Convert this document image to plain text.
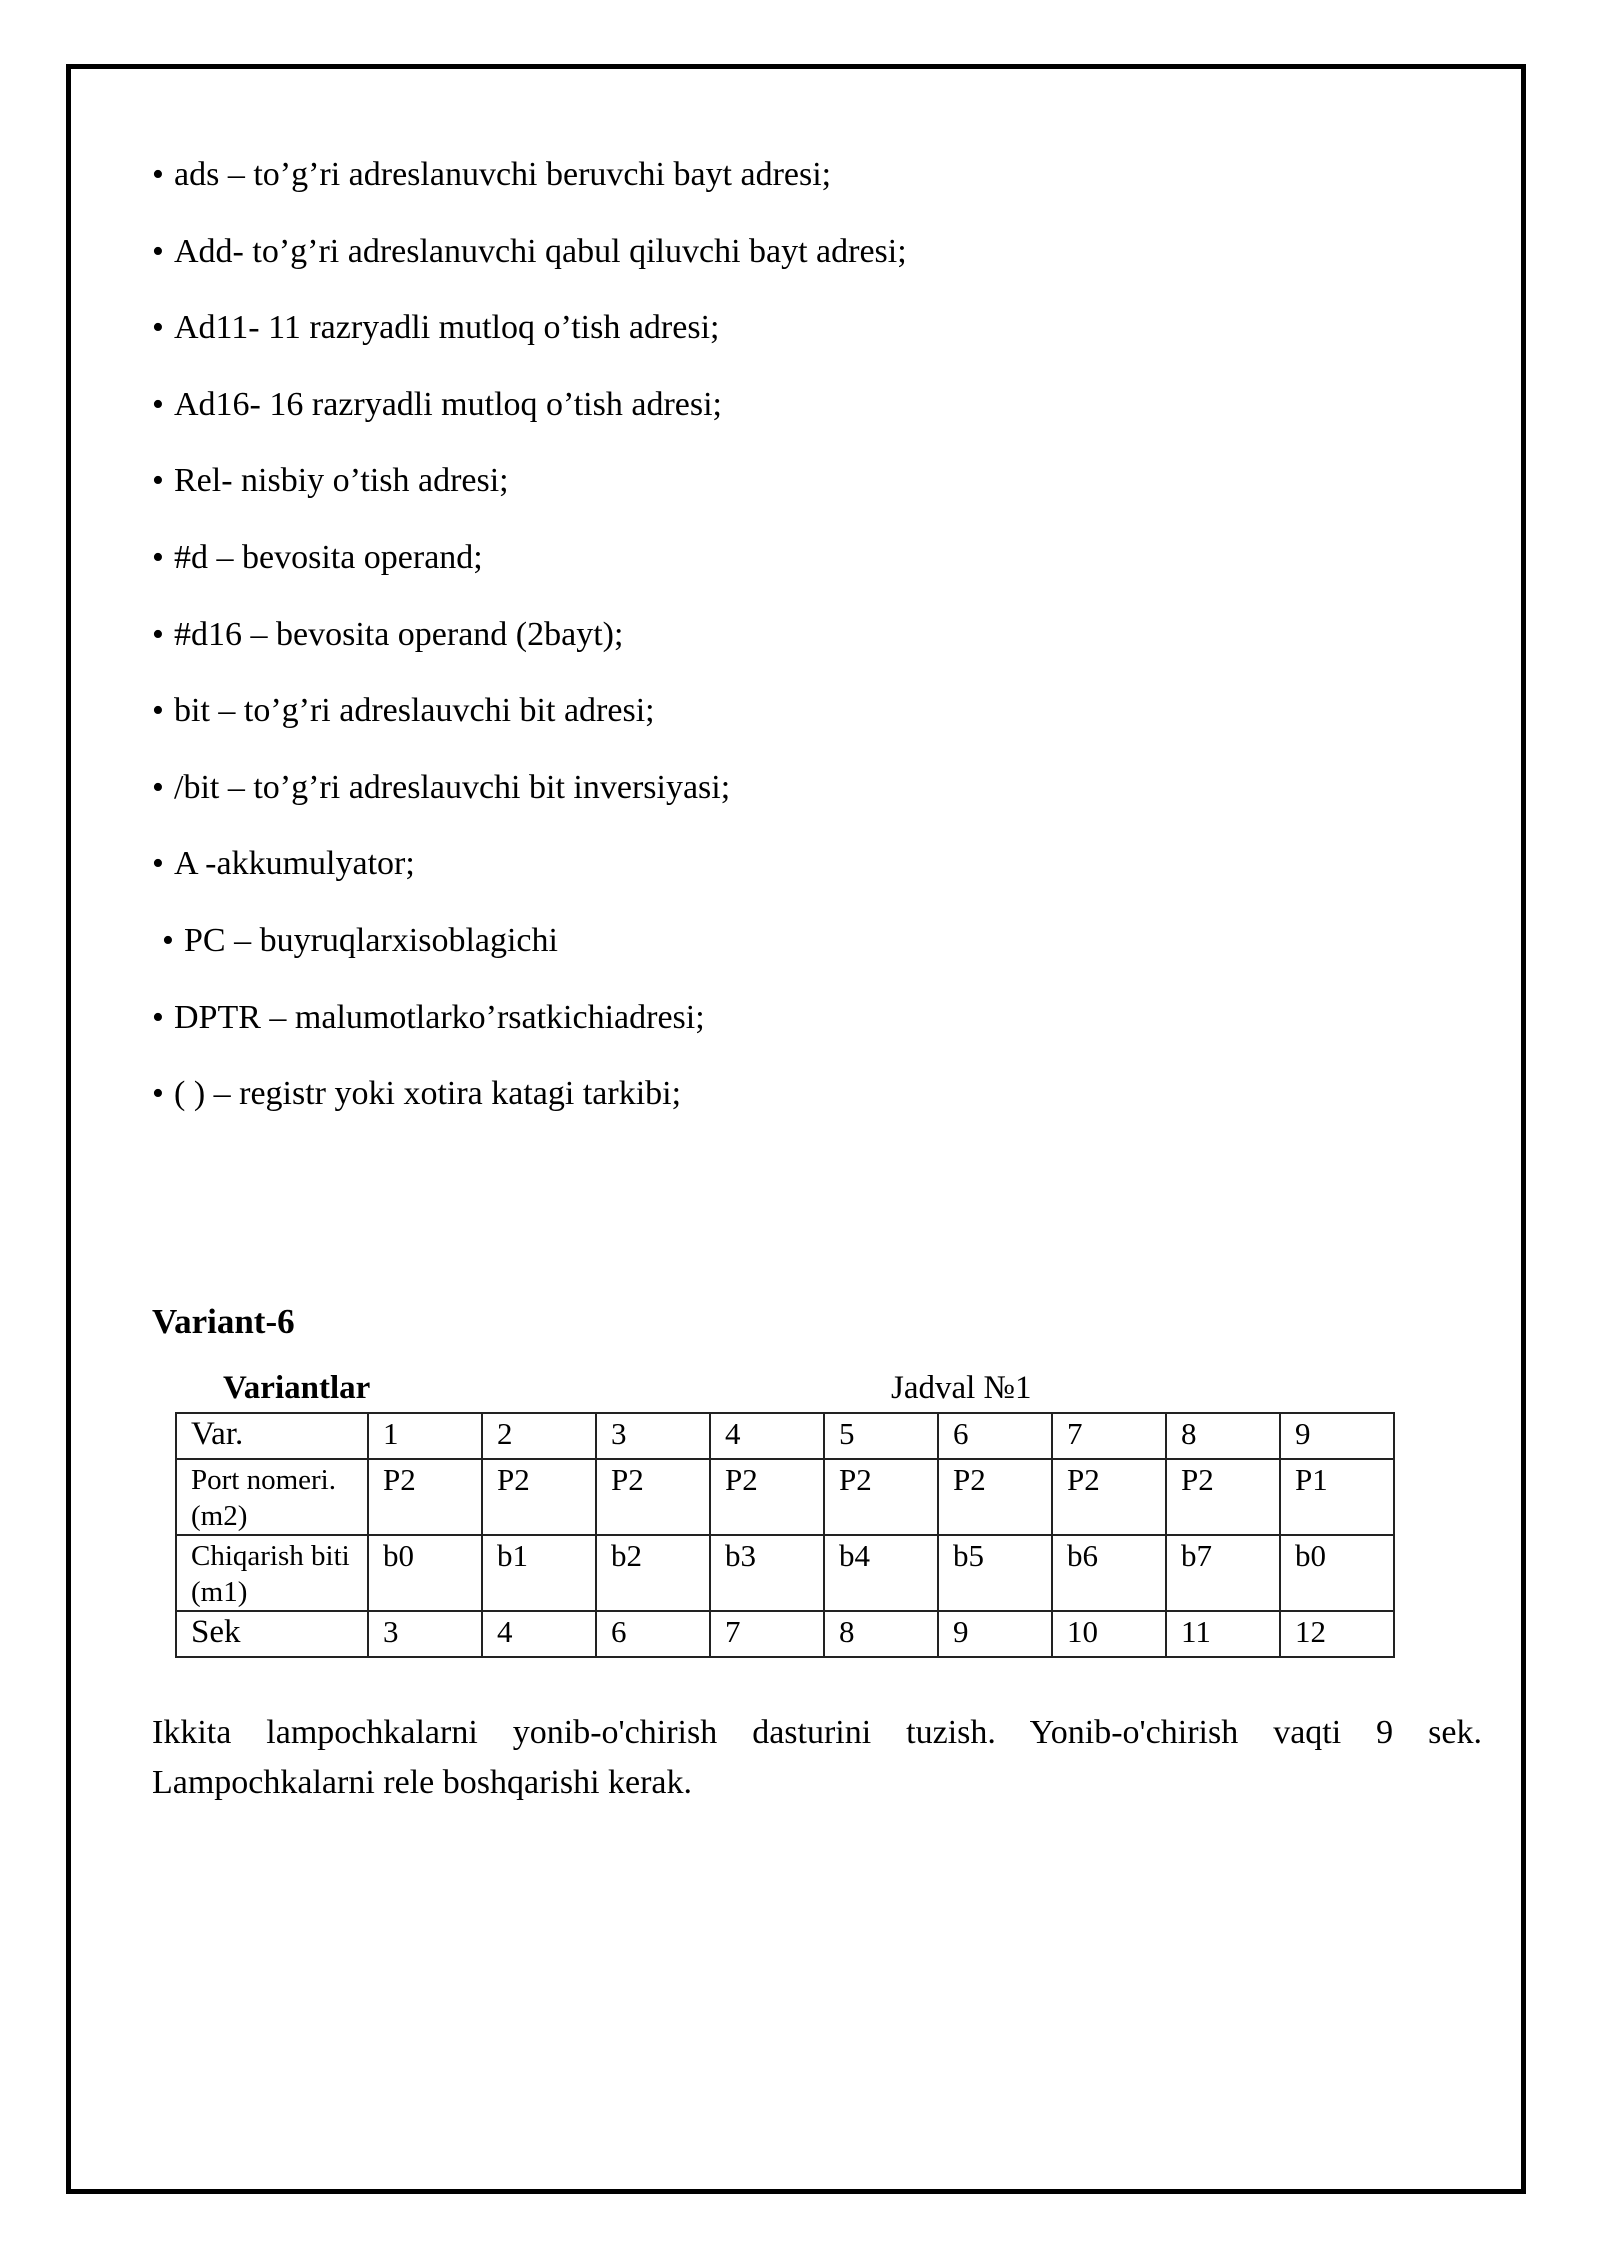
• ads – to’g’ri adreslanuvchi beruvchi bayt adresi;
• Add- to’g’ri adreslanuvchi qabul qiluvchi bayt adresi;
• Ad11- 11 razryadli mutloq o’tish adresi;
• Ad16- 16 razryadli mutloq o’tish adresi;
• Rel- nisbiy o’tish adresi;
• #d – bevosita operand;
• #d16 – bevosita operand (2bayt);
• bit – to’g’ri adreslauvchi bit adresi;
• /bit – to’g’ri adreslauvchi bit inversiyasi;
• A -akkumulyator;
• PC – buyruqlarxisoblagichi
• DPTR – malumotlarko’rsatkichiadresi;
• ( ) – registr yoki xotira katagi tarkibi;
Variant-6
Variantlar	Jadval №1
Var.	1	2	3	4	5	6	7	8	9
Port nomeri.(m2)	P2	P2	P2	P2	P2	P2	P2	P2	P1
Chiqarish biti (m1)	b0	b1	b2	b3	b4	b5	b6	b7	b0
Sek	3	4	6	7	8	9	10	11	12

Ikkita lampochkalarni yonib-o'chirish dasturini tuzish. Yonib-o'chirish vaqti 9 sek. Lampochkalarni rele boshqarishi kerak.
